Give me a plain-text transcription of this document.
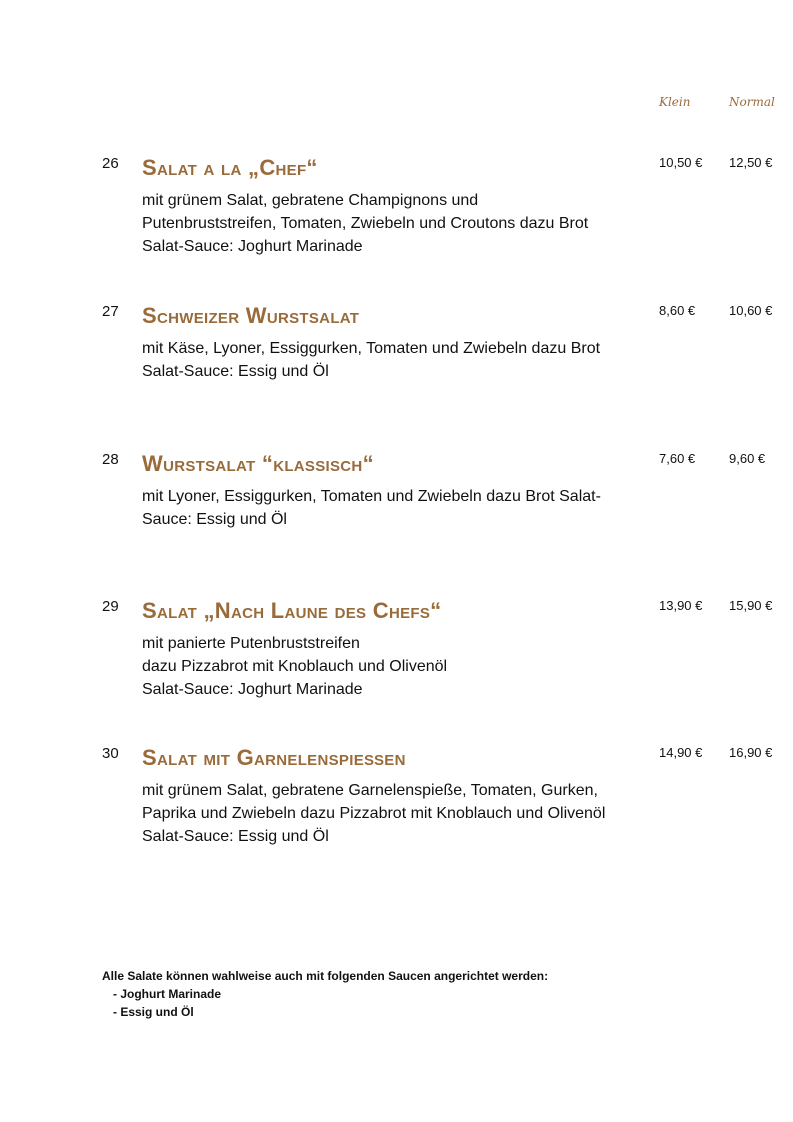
Klein	Normal
26 Salat a la „Chef“
mit grünem Salat, gebratene Champignons und
Putenbruststreifen, Tomaten, Zwiebeln und Croutons dazu Brot
Salat-Sauce: Joghurt Marinade
10,50 € 12,50 €
27 Schweizer Wurstsalat
mit Käse, Lyoner, Essiggurken, Tomaten und Zwiebeln dazu Brot
Salat-Sauce: Essig und Öl
8,60 €	10,60 €
28 Wurstsalat “klassisch“
mit Lyoner, Essiggurken, Tomaten und Zwiebeln dazu Brot Salat-
Sauce: Essig und Öl
7,60 €	9,60 €
29 Salat „Nach Laune des Chefs“
mit panierte Putenbruststreifen
dazu Pizzabrot mit Knoblauch und Olivenöl
Salat-Sauce: Joghurt Marinade
13,90 € 15,90 €
30 Salat mit Garnelenspießen
mit grünem Salat, gebratene Garnelenspieße, Tomaten, Gurken,
Paprika und Zwiebeln dazu Pizzabrot mit Knoblauch und Olivenöl
Salat-Sauce: Essig und Öl
14,90 € 16,90 €
Alle Salate können wahlweise auch mit folgenden Saucen angerichtet werden:
- Joghurt Marinade
- Essig und Öl
